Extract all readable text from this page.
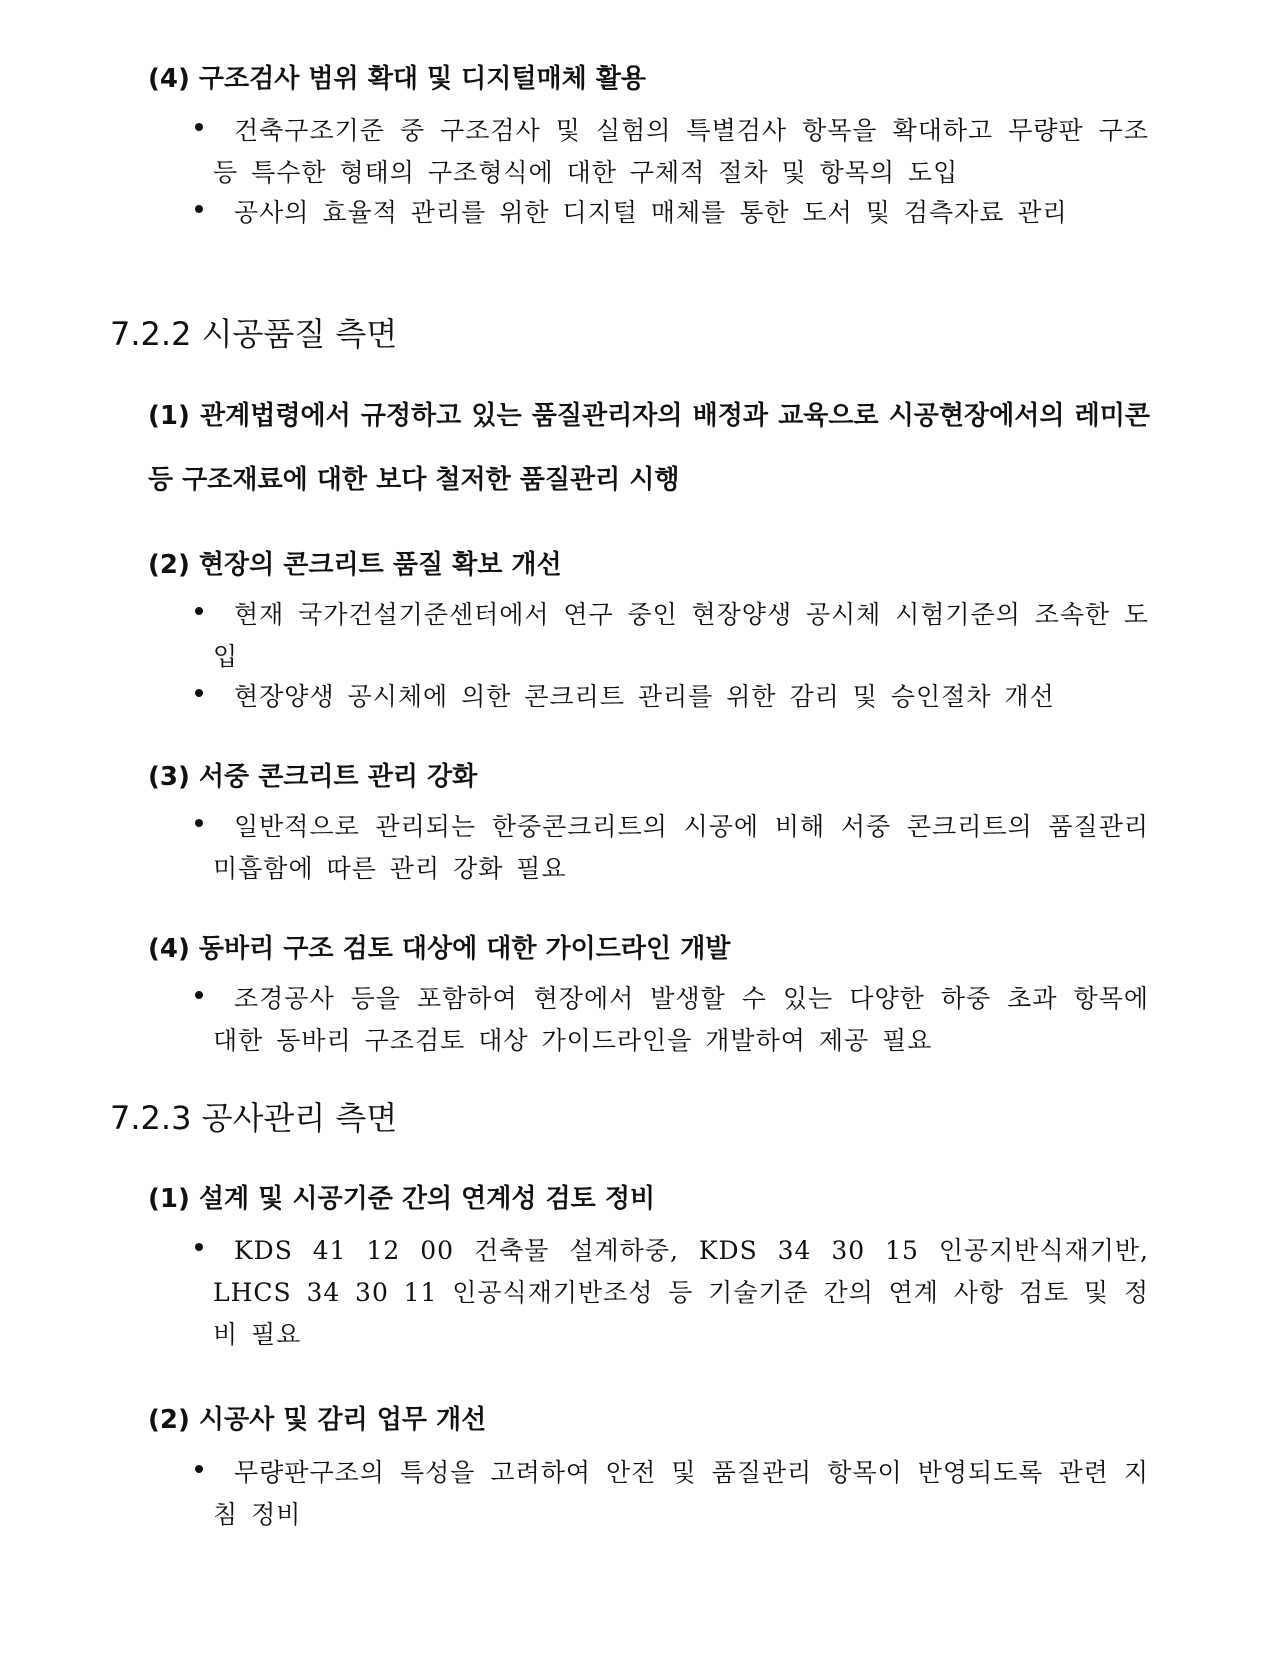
(4) 구조검사 범위 확대 및 디지털매체 활용
건축구조기준 중 구조검사 및 실험의 특별검사 항목을 확대하고 무량판 구조 등 특수한 형태의 구조형식에 대한 구체적 절차 및 항목의 도입
공사의 효율적 관리를 위한 디지털 매체를 통한 도서 및 검측자료 관리
7.2.2 시공품질 측면
(1) 관계법령에서 규정하고 있는 품질관리자의 배정과 교육으로 시공현장에서의 레미콘 등 구조재료에 대한 보다 철저한 품질관리 시행
(2) 현장의 콘크리트 품질 확보 개선
현재 국가건설기준센터에서 연구 중인 현장양생 공시체 시험기준의 조속한 도입
현장양생 공시체에 의한 콘크리트 관리를 위한 감리 및 승인절차 개선
(3) 서중 콘크리트 관리 강화
일반적으로 관리되는 한중콘크리트의 시공에 비해 서중 콘크리트의 품질관리 미흡함에 따른 관리 강화 필요
(4) 동바리 구조 검토 대상에 대한 가이드라인 개발
조경공사 등을 포함하여 현장에서 발생할 수 있는 다양한 하중 초과 항목에 대한 동바리 구조검토 대상 가이드라인을 개발하여 제공 필요
7.2.3 공사관리 측면
(1) 설계 및 시공기준 간의 연계성 검토 정비
KDS 41 12 00 건축물 설계하중, KDS 34 30 15 인공지반식재기반, LHCS 34 30 11 인공식재기반조성 등 기술기준 간의 연계 사항 검토 및 정비 필요
(2) 시공사 및 감리 업무 개선
무량판구조의 특성을 고려하여 안전 및 품질관리 항목이 반영되도록 관련 지침 정비
